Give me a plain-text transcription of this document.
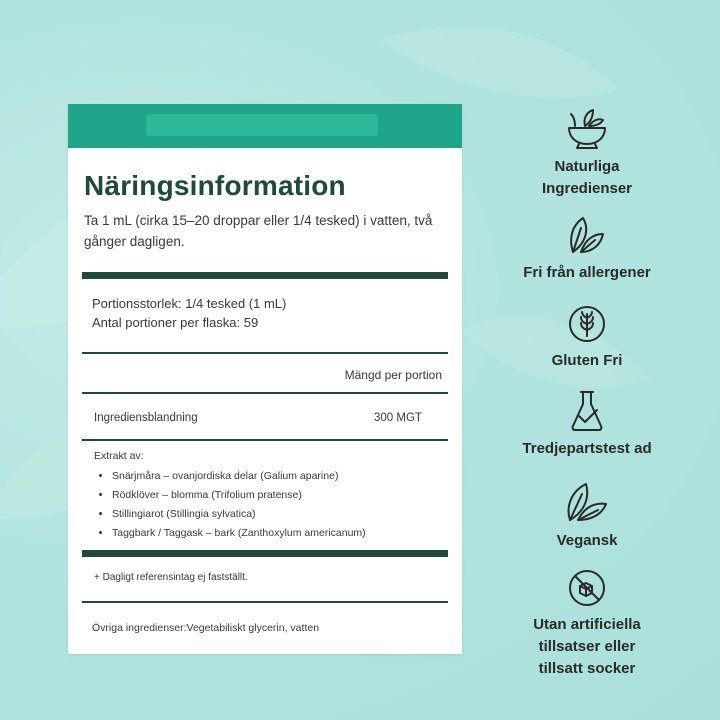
Näringsinformation
Ta 1 mL (cirka 15–20 droppar eller 1/4 tesked) i vatten, två gånger dagligen.
Portionsstorlek: 1/4 tesked (1 mL)
Antal portioner per flaska: 59
Mängd per portion
Ingrediensblandning	300 MGT
Extrakt av:
• Snärjmåra – ovanjordiska delar (Galium aparine)
• Rödklöver – blomma (Trifolium pratense)
• Stillingiarot (Stillingia sylvatica)
• Taggbark / Taggask – bark (Zanthoxylum americanum)
+ Dagligt referensintag ej fastställt.
Övriga ingredienser:Vegetabiliskt glycerin, vatten
Naturliga Ingredienser
Fri från allergener
Gluten Fri
Tredjepartstest ad
Vegansk
Utan artificiella tillsatser eller tillsatt socker
